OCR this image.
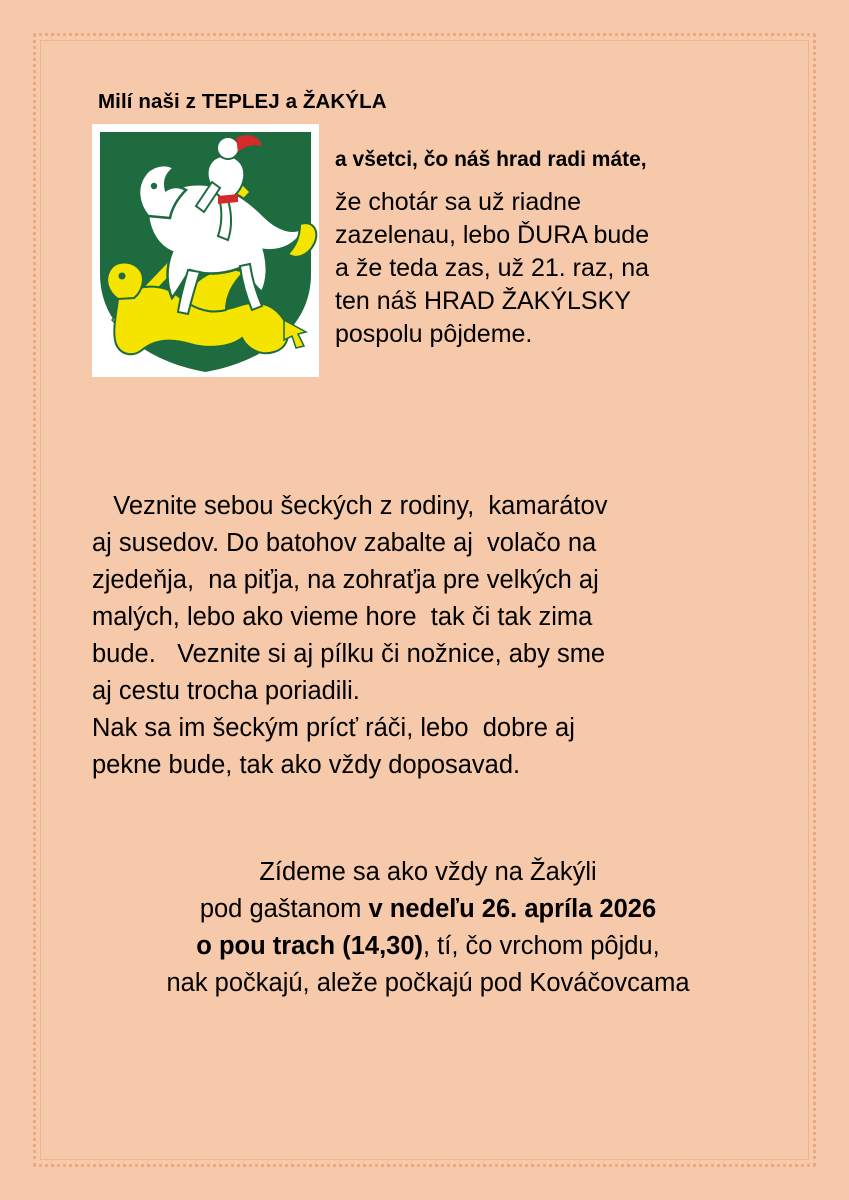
Milí naši z TEPLEJ a ŽAKÝLA
a všetci, čo náš hrad radi máte,
že chotár sa už riadne
zazelenau, lebo ĎURA bude
a že teda zas, už 21. raz, na
ten náš HRAD ŽAKÝLSKY
pospolu pôjdeme.
Veznite sebou šeckých z rodiny,  kamarátov
aj susedov. Do batohov zabalte aj  volačo na
zjedeňja,  na piťja, na zohraťja pre velkých aj
malých, lebo ako vieme hore  tak či tak zima
bude.   Veznite si aj pílku či nožnice, aby sme
aj cestu trocha poriadili.
Nak sa im šeckým prícť ráči, lebo  dobre aj
pekne bude, tak ako vždy doposavad.
Zídeme sa ako vždy na Žakýli
pod gaštanom v nedeľu 26. apríla 2026
o pou trach (14,30), tí, čo vrchom pôjdu,
nak počkajú, aleže počkajú pod Kováčovcama
